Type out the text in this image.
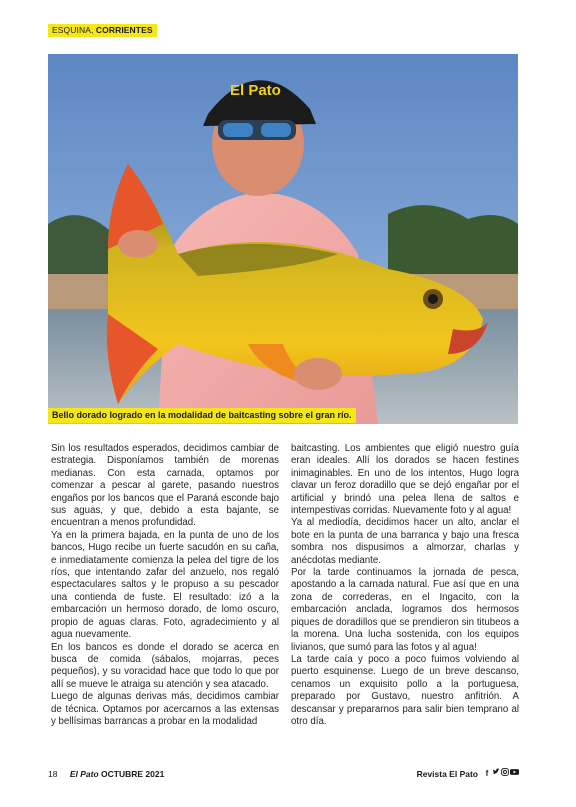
ESQUINA, CORRIENTES
El Pato
Bello dorado logrado en la modalidad de baitcasting sobre el gran río.

Sin los resultados esperados, decidimos cambiar de estrategia. Disponíamos también de morenas medianas. Con esta carnada, optamos por comenzar a pescar al garete, pasando nuestros engaños por los bancos que el Paraná esconde bajo sus aguas, y que, debido a esta bajante, se encuentran a menos profundidad.

Ya en la primera bajada, en la punta de uno de los bancos, Hugo recibe un fuerte sacudón en su caña, e inmediatamente comienza la pelea del tigre de los ríos, que intentando zafar del anzuelo, nos regaló espectaculares saltos y le propuso a su pescador una contienda de fuste. El resultado: izó a la embarcación un hermoso dorado, de lomo oscuro, propio de aguas claras. Foto, agradecimiento y al agua nuevamente.

En los bancos es donde el dorado se acerca en busca de comida (sábalos, mojarras, peces pequeños), y su voracidad hace que todo lo que por allí se mueve le atraiga su atención y sea atacado.

Luego de algunas derivas más, decidimos cambiar de técnica. Optamos por acercarnos a las extensas y bellísimas barrancas a probar en la modalidad

baitcasting. Los ambientes que eligió nuestro guía eran ideales. Allí los dorados se hacen festines inimaginables. En uno de los intentos, Hugo logra clavar un feroz doradillo que se dejó engañar por el artificial y brindó una pelea llena de saltos e intempestivas corridas. Nuevamente foto y al agua!

Ya al mediodía, decidimos hacer un alto, anclar el bote en la punta de una barranca y bajo una fresca sombra nos dispusimos a almorzar, charlas y anécdotas mediante.

Por la tarde continuamos la jornada de pesca, apostando a la carnada natural. Fue así que en una zona de correderas, en el Ingacito, con la embarcación anclada, logramos dos hermosos piques de doradillos que se prendieron sin titubeos a la morena. Una lucha sostenida, con los equipos livianos, que sumó para las fotos y al agua!

La tarde caía y poco a poco fuimos volviendo al puerto esquinense. Luego de un breve descanso, cenamos un exquisito pollo a la portuguesa, preparado por Gustavo, nuestro anfitrión. A descansar y prepararnos para salir bien temprano al otro día.

18 El Pato OCTUBRE 2021	Revista El Pato f
